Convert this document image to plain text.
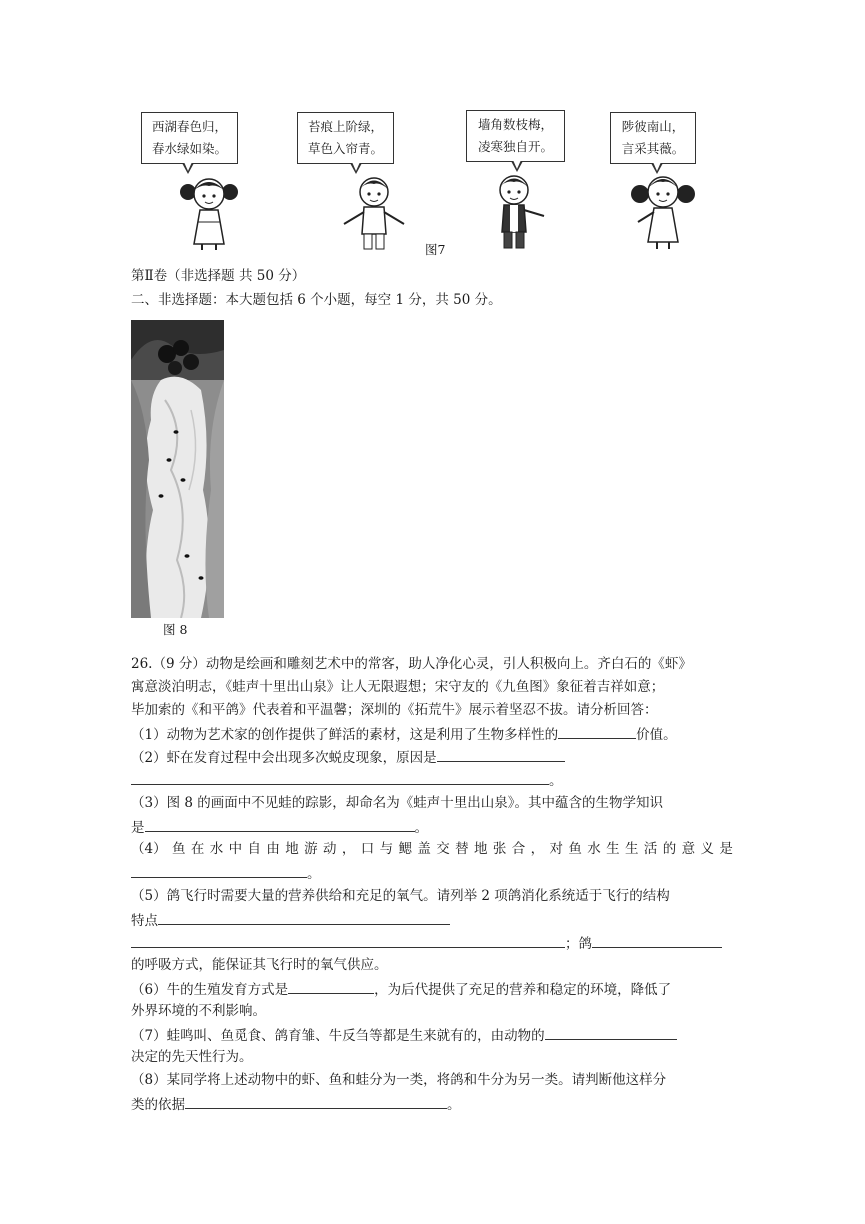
西湖春色归，
春水绿如染。
苔痕上阶绿，
草色入帘青。
墙角数枝梅，
凌寒独自开。
陟彼南山，
言采其薇。
图7
第Ⅱ卷（非选择题 共 50 分）
二、非选择题：本大题包括 6 个小题，每空 1 分，共 50 分。
图 8
26.（9 分）动物是绘画和雕刻艺术中的常客，助人净化心灵，引人积极向上。齐白石的《虾》
寓意淡泊明志，《蛙声十里出山泉》让人无限遐想；宋守友的《九鱼图》象征着吉祥如意；
毕加索的《和平鸽》代表着和平温馨；深圳的《拓荒牛》展示着坚忍不拔。请分析回答：
（1）动物为艺术家的创作提供了鲜活的素材，这是利用了生物多样性的	价值。
（2）虾在发育过程中会出现多次蜕皮现象，原因是
。
（3）图 8 的画面中不见蛙的踪影，却命名为《蛙声十里出山泉》。其中蕴含的生物学知识
是	。
（4） 鱼 在 水 中 自 由 地 游 动 ， 口 与 鳃 盖 交 替 地 张 合 ， 对 鱼 水 生 生 活 的 意 义 是
。
（5）鸽飞行时需要大量的营养供给和充足的氧气。请列举 2 项鸽消化系统适于飞行的结构
特点
；鸽
的呼吸方式，能保证其飞行时的氧气供应。
（6）牛的生殖发育方式是	，为后代提供了充足的营养和稳定的环境，降低了
外界环境的不利影响。
（7）蛙鸣叫、鱼觅食、鸽育雏、牛反刍等都是生来就有的，由动物的
决定的先天性行为。
（8）某同学将上述动物中的虾、鱼和蛙分为一类，将鸽和牛分为另一类。请判断他这样分
类的依据	。
